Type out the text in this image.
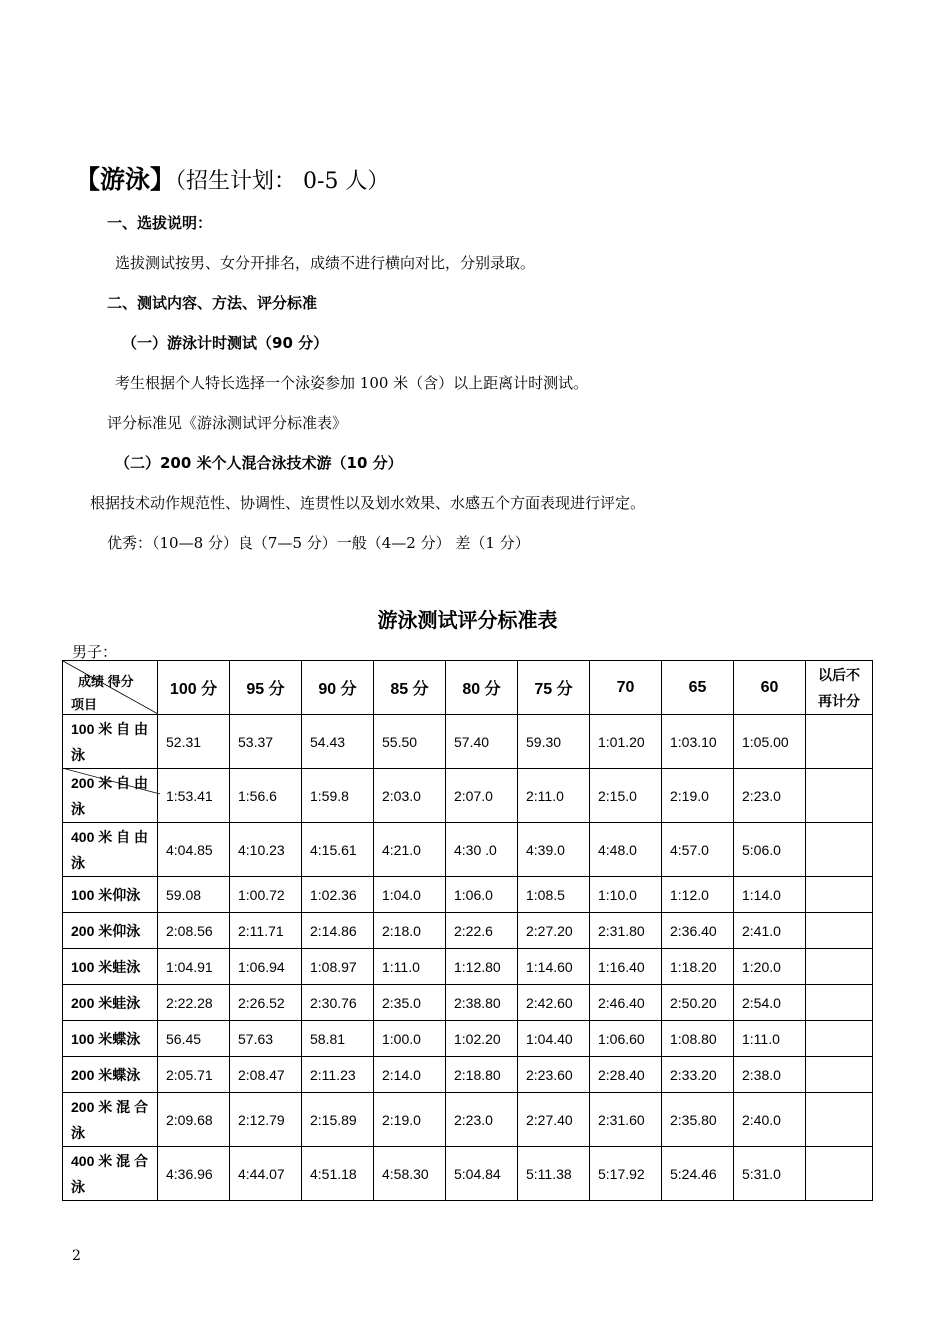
【游泳】（招生计划： 0-5 人）
一、选拔说明：
选拔测试按男、女分开排名，成绩不进行横向对比，分别录取。
二、测试内容、方法、评分标准
（一）游泳计时测试（90 分）
考生根据个人特长选择一个泳姿参加 100 米（含）以上距离计时测试。
评分标准见《游泳测试评分标准表》
（二）200 米个人混合泳技术游（10 分）
根据技术动作规范性、协调性、连贯性以及划水效果、水感五个方面表现进行评定。
优秀：（10—8 分）良（7—5 分）一般（4—2 分） 差（1 分）
游泳测试评分标准表
男子：
成绩 得分
项目	100 分	95 分	90 分	85 分	80 分	75 分	70	65	60	以后不再计分
100 米 自 由 泳	52.31	53.37	54.43	55.50	57.40	59.30	1:01.20	1:03.10	1:05.00	
200 米 自 由 泳	1:53.41	1:56.6	1:59.8	2:03.0	2:07.0	2:11.0	2:15.0	2:19.0	2:23.0	
400 米 自 由 泳	4:04.85	4:10.23	4:15.61	4:21.0	4:30 .0	4:39.0	4:48.0	4:57.0	5:06.0	
100 米仰泳	59.08	1:00.72	1:02.36	1:04.0	1:06.0	1:08.5	1:10.0	1:12.0	1:14.0	
200 米仰泳	2:08.56	2:11.71	2:14.86	2:18.0	2:22.6	2:27.20	2:31.80	2:36.40	2:41.0	
100 米蛙泳	1:04.91	1:06.94	1:08.97	1:11.0	1:12.80	1:14.60	1:16.40	1:18.20	1:20.0	
200 米蛙泳	2:22.28	2:26.52	2:30.76	2:35.0	2:38.80	2:42.60	2:46.40	2:50.20	2:54.0	
100 米蝶泳	56.45	57.63	58.81	1:00.0	1:02.20	1:04.40	1:06.60	1:08.80	1:11.0	
200 米蝶泳	2:05.71	2:08.47	2:11.23	2:14.0	2:18.80	2:23.60	2:28.40	2:33.20	2:38.0	
200 米 混 合 泳	2:09.68	2:12.79	2:15.89	2:19.0	2:23.0	2:27.40	2:31.60	2:35.80	2:40.0	
400 米 混 合 泳	4:36.96	4:44.07	4:51.18	4:58.30	5:04.84	5:11.38	5:17.92	5:24.46	5:31.0	
2
